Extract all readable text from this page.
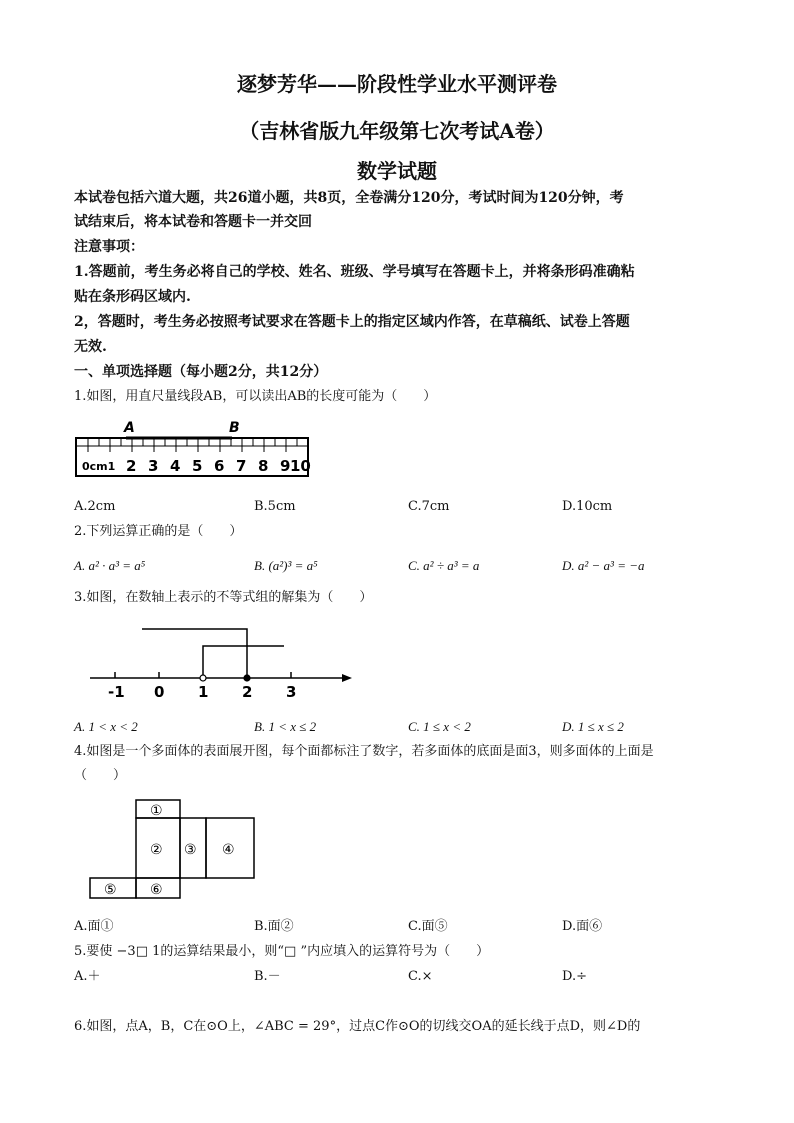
逐梦芳华——阶段性学业水平测评卷
（吉林省版九年级第七次考试A卷）
数学试题
本试卷包括六道大题，共26道小题，共8页，全卷满分120分，考试时间为120分钟，考
试结束后，将本试卷和答题卡一并交回
注意事项：
1.答题前，考生务必将自己的学校、姓名、班级、学号填写在答题卡上，并将条形码准确粘
贴在条形码区域内.
2，答题时，考生务必按照考试要求在答题卡上的指定区域内作答，在草稿纸、试卷上答题
无效.
一、单项选择题（每小题2分，共12分）
1.如图，用直尺量线段AB，可以读出AB的长度可能为（　　）
A	B
0cm1 2 3 4 5 6 7 8 9 10
A.2cm	B.5cm	C.7cm	D.10cm
2.下列运算正确的是（　　）
A. a² · a³ = a⁵	B. (a²)³ = a⁵	C. a² ÷ a³ = a	D. a² − a³ = −a
3.如图，在数轴上表示的不等式组的解集为（　　）
-1 0 1 2 3
A. 1 < x < 2	B. 1 < x ≤ 2	C. 1 ≤ x < 2	D. 1 ≤ x ≤ 2
4.如图是一个多面体的表面展开图，每个面都标注了数字，若多面体的底面是面3，则多面体的上面是
（　　）
①
② ③ ④
⑤ ⑥
A.面①	B.面②	C.面⑤	D.面⑥
5.要使 −3□ 1的运算结果最小，则“□ ”内应填入的运算符号为（　　）
A.＋	B.－	C.×	D.÷
6.如图，点A，B，C在⊙O上，∠ABC = 29°，过点C作⊙O的切线交OA的延长线于点D，则∠D的
